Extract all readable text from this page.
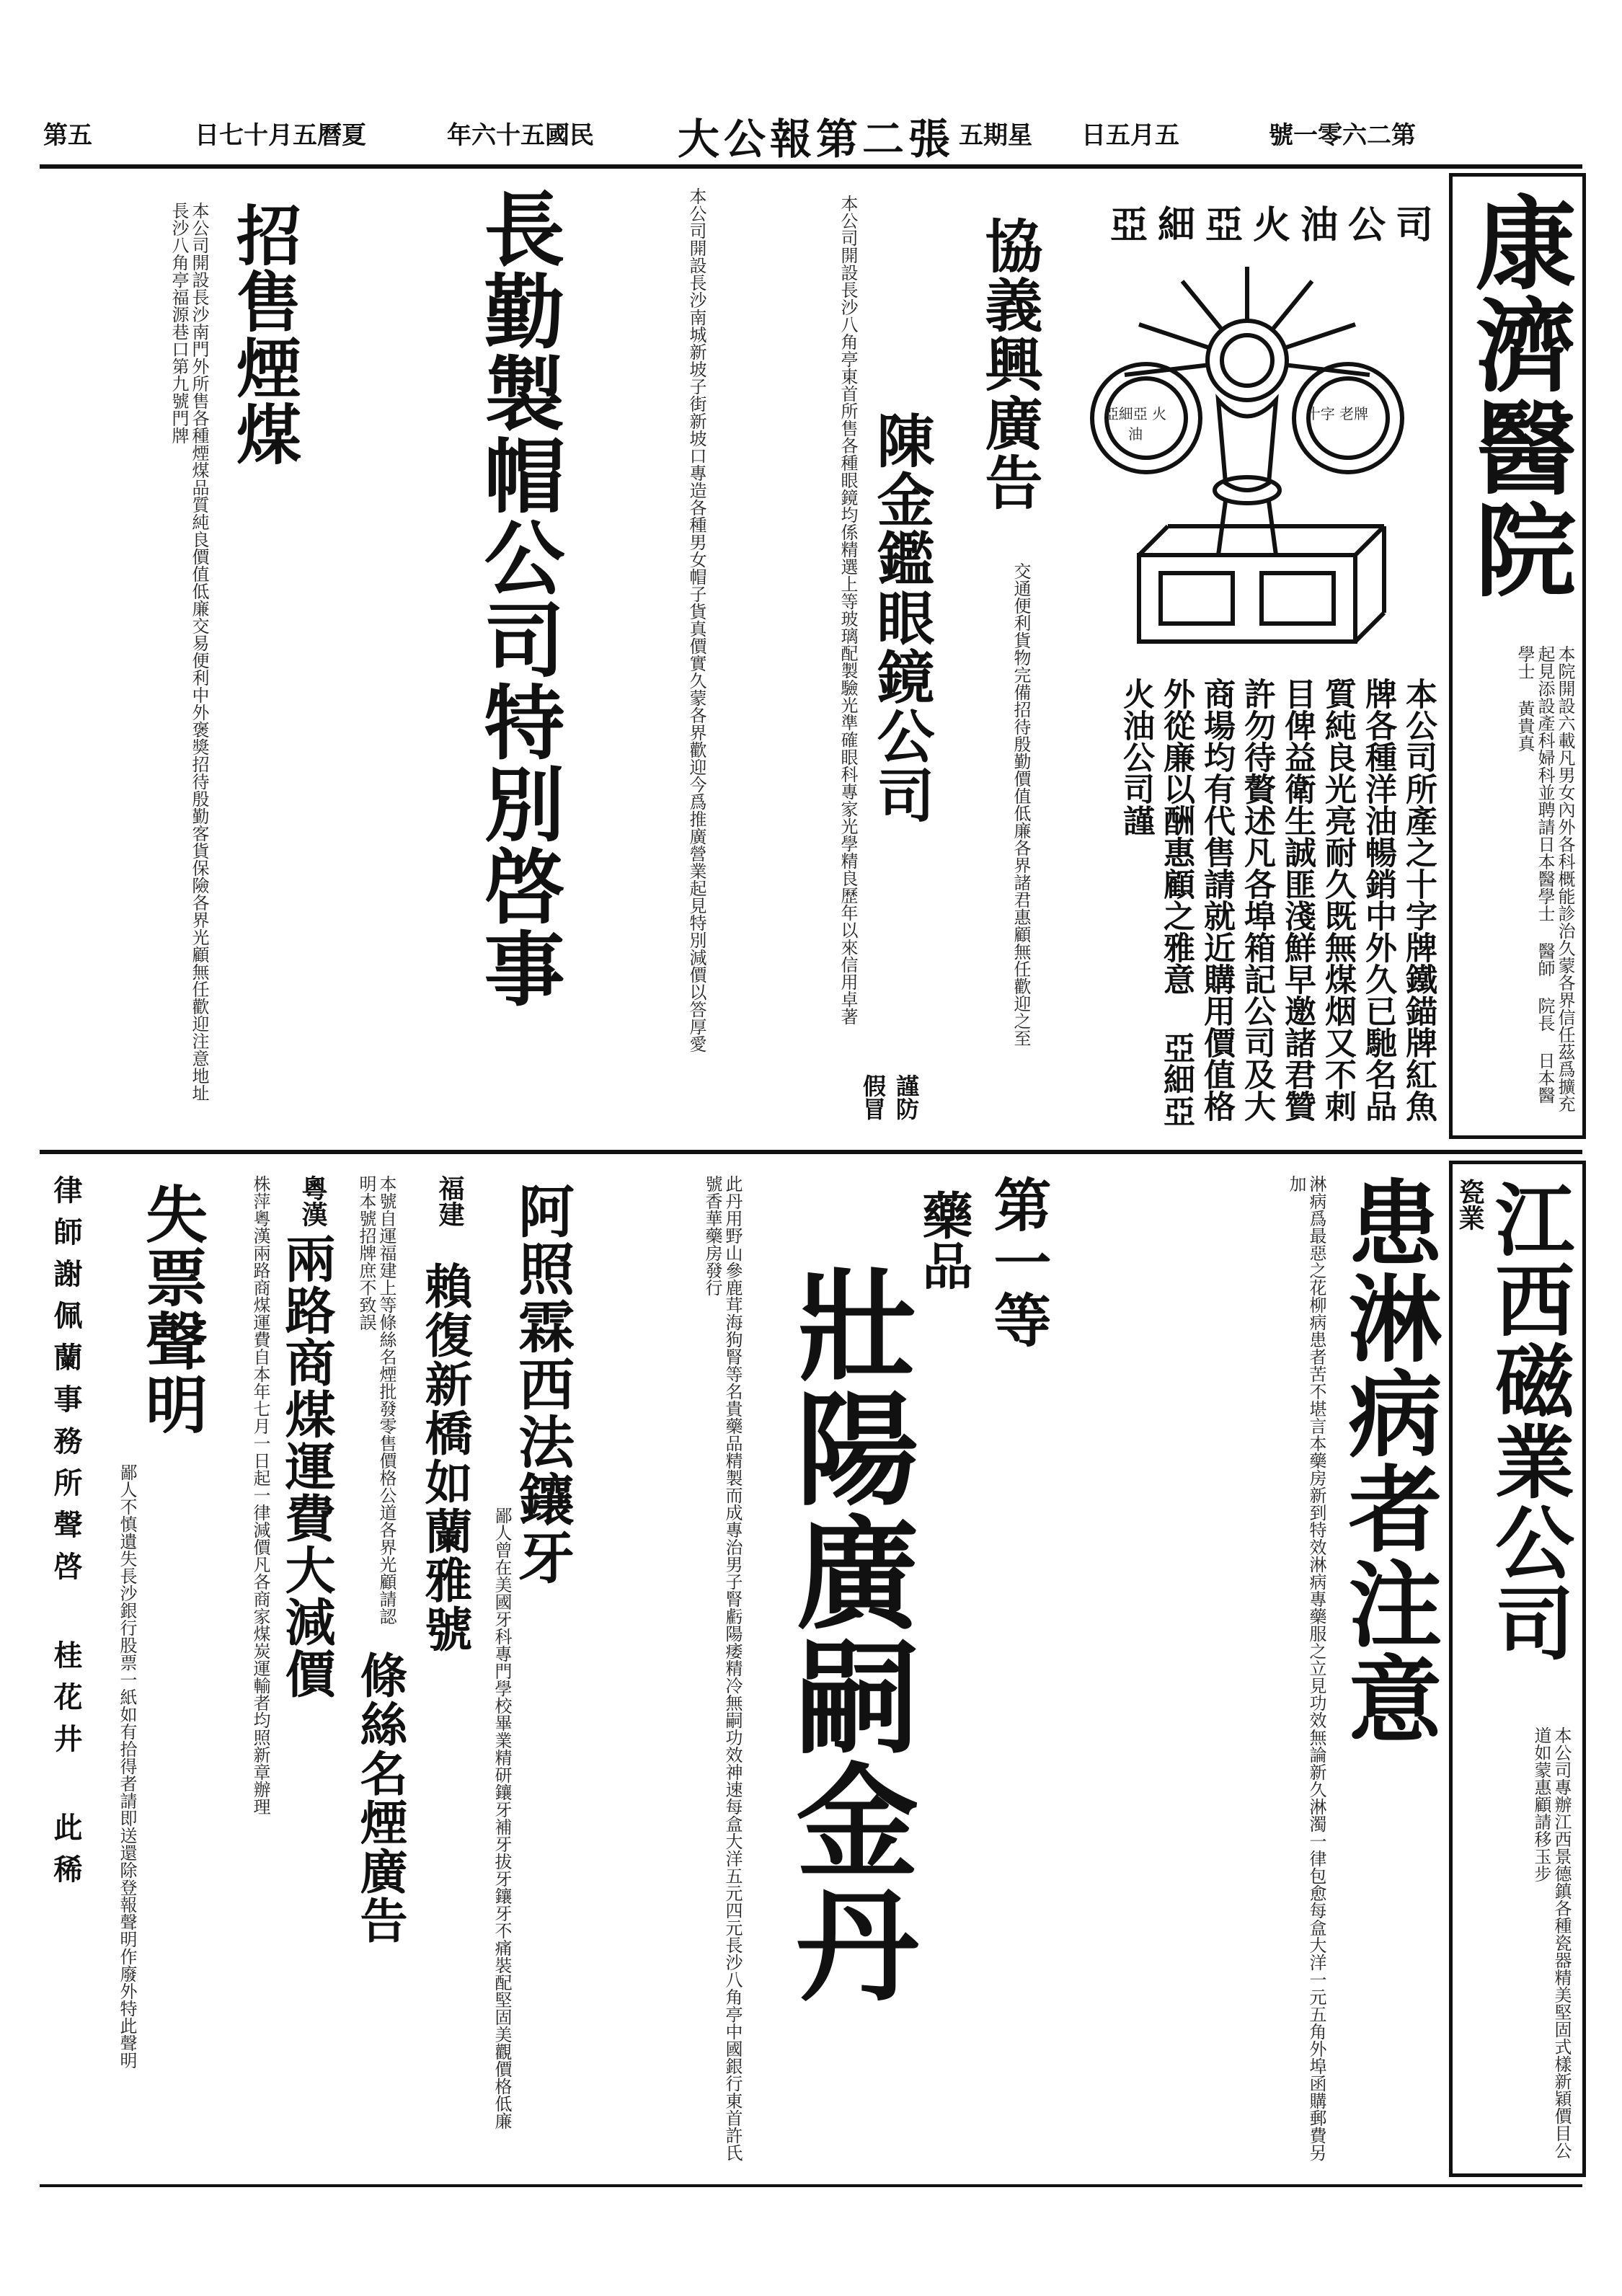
第五	日七十月五曆夏	年六十五國民 大公報第二張	日五月五
五期星	號一零六二第
康濟醫院
本院開設六載凡男女內外各科概能診治久蒙各界信任茲爲擴充起見添設產科婦科並聘請日本醫學士 醫師 院長 日本醫學士 黃貴真
亞細亞火油公司
亞細亞 火油
十字 老牌
本公司所產之十字牌鐵錨牌紅魚牌各種洋油暢銷中外久已馳名品質純良光亮耐久既無煤烟又不刺目俾益衛生誠匪淺鮮早邀諸君贊許勿待贅述凡各埠箱記公司及大商場均有代售請就近購用價值格外從廉以酬惠顧之雅意 亞細亞火油公司謹
協義興廣告
交通便利貨物完備招待殷勤價值低廉各界諸君惠顧無任歡迎之至
陳金鑑眼鏡公司
謹防假冒
本公司開設長沙八角亭東首所售各種眼鏡均係精選上等玻璃配製驗光準確眼科專家光學精良歷年以來信用卓著
長勤製帽公司特別啓事	本公司開設長沙南城新坡子街新坡口專造各種男女帽子貨真價實久蒙各界歡迎今爲推廣營業起見特別減價以答厚愛
招售煙煤
本公司開設長沙南門外所售各種煙煤品質純良價值低廉交易便利中外褒獎招待殷勤客貨保險各界光顧無任歡迎注意地址長沙八角亭福源巷口第九號門牌
瓷業
江西磁業公司
本公司專辦江西景德鎮各種瓷器精美堅固式樣新穎價目公道如蒙惠顧請移玉步
患淋病者注意
淋病爲最惡之花柳病患者苦不堪言本藥房新到特效淋病專藥服之立見功效無論新久淋濁一律包愈每盒大洋一元五角外埠函購郵費另加
第一等
藥品
壯陽廣嗣金丹
此丹用野山參鹿茸海狗腎等名貴藥品精製而成專治男子腎虧陽痿精冷無嗣功效神速每盒大洋五元四元長沙八角亭中國銀行東首許氏號香華藥房發行
阿照霖西法鑲牙
鄙人曾在美國牙科專門學校畢業精研鑲牙補牙拔牙鑲牙不痛裝配堅固美觀價格低廉
福建
賴復新橋如蘭雅號
條絲名煙廣告
本號自運福建上等條絲名煙批發零售價格公道各界光顧請認明本號招牌庶不致誤
粵漢
兩路商煤運費大減價
株萍粵漢兩路商煤運費自本年七月一日起一律減價凡各商家煤炭運輸者均照新章辦理
失票聲明
鄙人不慎遺失長沙銀行股票一紙如有拾得者請即送還除登報聲明作廢外特此聲明
律師謝佩蘭事務所聲啓 桂花井 此稀
